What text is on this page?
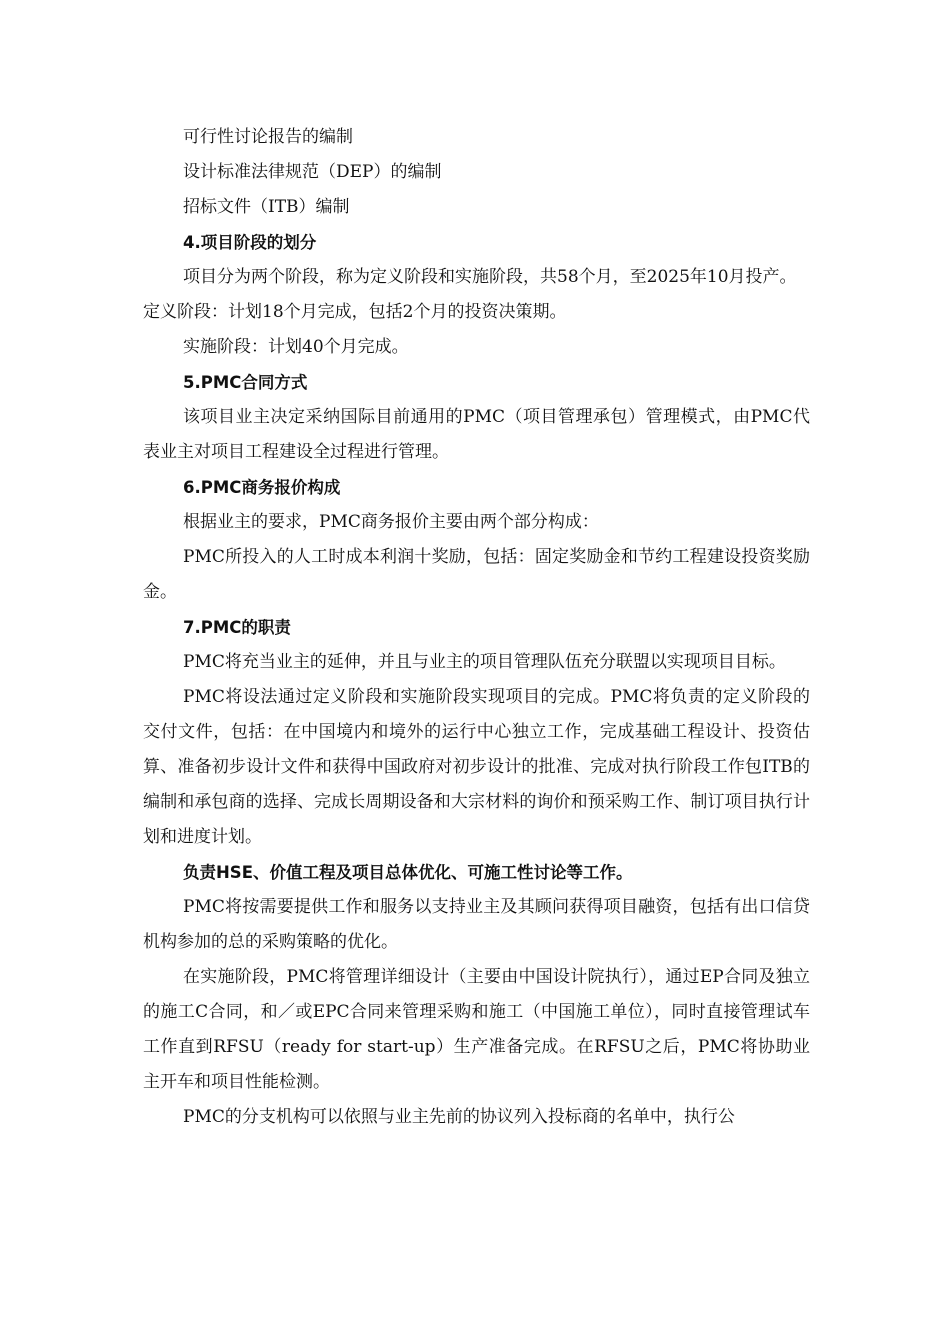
可行性讨论报告的编制

设计标准法律规范（DEP）的编制

招标文件（ITB）编制

4.项目阶段的划分

项目分为两个阶段，称为定义阶段和实施阶段，共58个月，至2025年10月投产。

定义阶段：计划18个月完成，包括2个月的投资决策期。

实施阶段：计划40个月完成。

5.PMC合同方式

该项目业主决定采纳国际目前通用的PMC（项目管理承包）管理模式，由PMC代表业主对项目工程建设全过程进行管理。

6.PMC商务报价构成

根据业主的要求，PMC商务报价主要由两个部分构成：

PMC所投入的人工时成本利润十奖励，包括：固定奖励金和节约工程建设投资奖励金。

7.PMC的职责

PMC将充当业主的延伸，并且与业主的项目管理队伍充分联盟以实现项目目标。

PMC将设法通过定义阶段和实施阶段实现项目的完成。PMC将负责的定义阶段的交付文件，包括：在中国境内和境外的运行中心独立工作，完成基础工程设计、投资估算、准备初步设计文件和获得中国政府对初步设计的批准、完成对执行阶段工作包ITB的编制和承包商的选择、完成长周期设备和大宗材料的询价和预采购工作、制订项目执行计划和进度计划。

负责HSE、价值工程及项目总体优化、可施工性讨论等工作。

PMC将按需要提供工作和服务以支持业主及其顾问获得项目融资，包括有出口信贷机构参加的总的采购策略的优化。

在实施阶段，PMC将管理详细设计（主要由中国设计院执行），通过EP合同及独立的施工C合同，和／或EPC合同来管理采购和施工（中国施工单位），同时直接管理试车工作直到RFSU（ready for start-up）生产准备完成。在RFSU之后，PMC将协助业主开车和项目性能检测。

PMC的分支机构可以依照与业主先前的协议列入投标商的名单中，执行公
